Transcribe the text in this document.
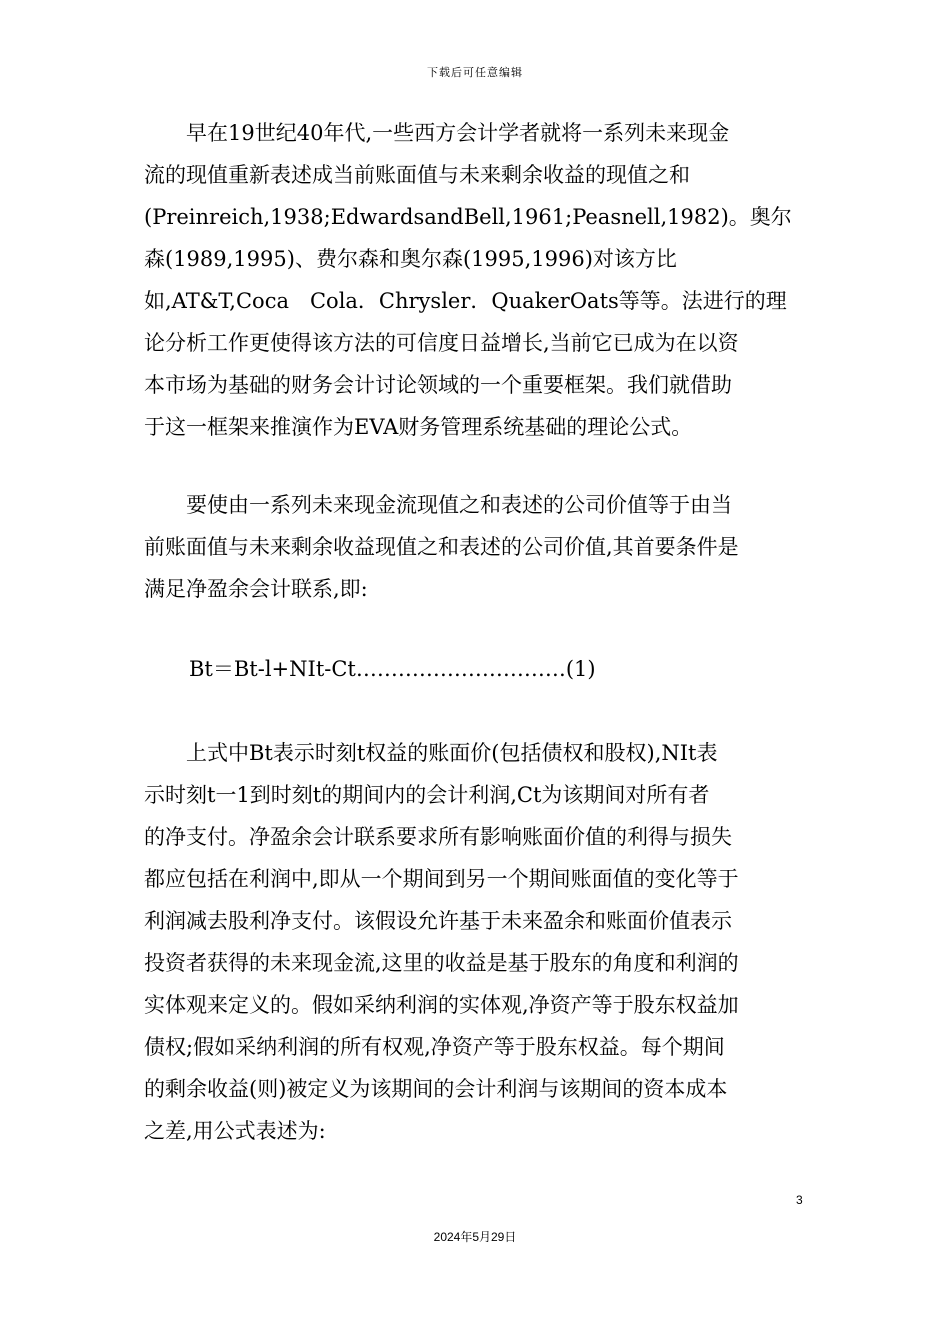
下载后可任意编辑
　　早在19世纪40年代,一些西方会计学者就将一系列未来现金
流的现值重新表述成当前账面值与未来剩余收益的现值之和
(Preinreich,1938;EdwardsandBell,1961;Peasnell,1982)。奥尔
森(1989,1995)、费尔森和奥尔森(1995,1996)对该方比
如,AT&T,Coca　Cola．Chrysler．QuakerOats等等。法进行的理
论分析工作更使得该方法的可信度日益增长,当前它已成为在以资
本市场为基础的财务会计讨论领域的一个重要框架。我们就借助
于这一框架来推演作为EVA财务管理系统基础的理论公式。
　　要使由一系列未来现金流现值之和表述的公司价值等于由当
前账面值与未来剩余收益现值之和表述的公司价值,其首要条件是
满足净盈余会计联系,即:
Bt＝Bt-l+NIt-Ct…………………………(1)
　　上式中Bt表示时刻t权益的账面价(包括债权和股权),NIt表
示时刻t一1到时刻t的期间内的会计利润,Ct为该期间对所有者
的净支付。净盈余会计联系要求所有影响账面价值的利得与损失
都应包括在利润中,即从一个期间到另一个期间账面值的变化等于
利润减去股利净支付。该假设允许基于未来盈余和账面价值表示
投资者获得的未来现金流,这里的收益是基于股东的角度和利润的
实体观来定义的。假如采纳利润的实体观,净资产等于股东权益加
债权;假如采纳利润的所有权观,净资产等于股东权益。每个期间
的剩余收益(则)被定义为该期间的会计利润与该期间的资本成本
之差,用公式表述为:
3
2024年5月29日
